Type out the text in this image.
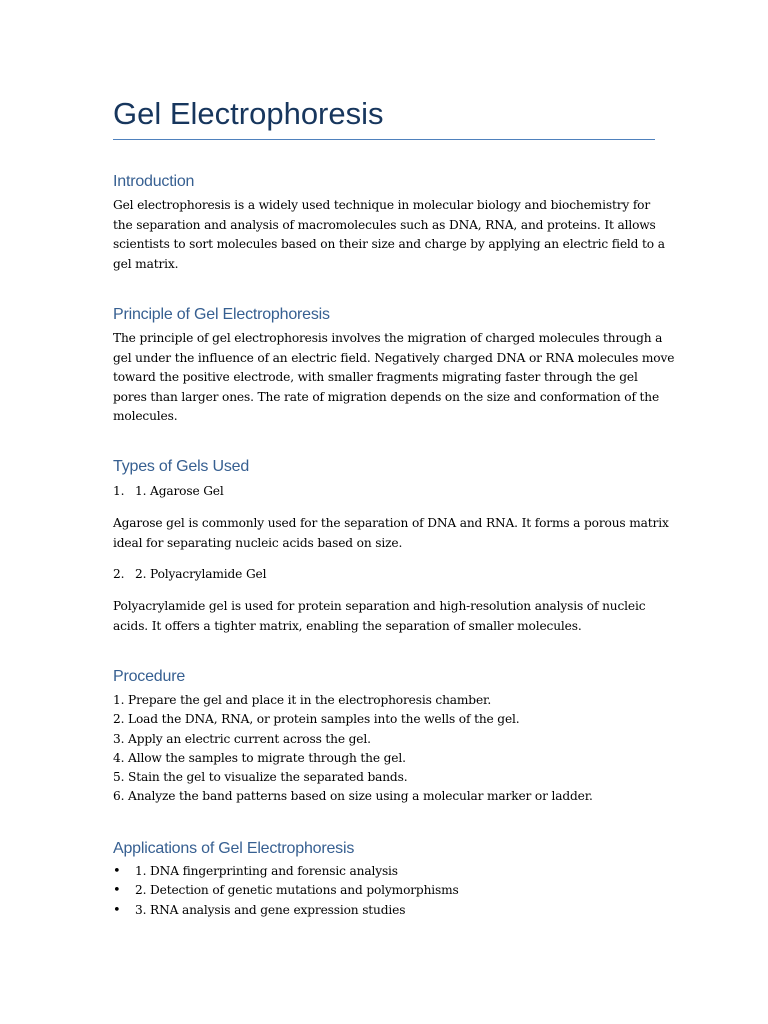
Gel Electrophoresis
Introduction
Gel electrophoresis is a widely used technique in molecular biology and biochemistry for
the separation and analysis of macromolecules such as DNA, RNA, and proteins. It allows
scientists to sort molecules based on their size and charge by applying an electric field to a
gel matrix.
Principle of Gel Electrophoresis
The principle of gel electrophoresis involves the migration of charged molecules through a
gel under the influence of an electric field. Negatively charged DNA or RNA molecules move
toward the positive electrode, with smaller fragments migrating faster through the gel
pores than larger ones. The rate of migration depends on the size and conformation of the
molecules.
Types of Gels Used
1. 1. Agarose Gel
Agarose gel is commonly used for the separation of DNA and RNA. It forms a porous matrix
ideal for separating nucleic acids based on size.
2. 2. Polyacrylamide Gel
Polyacrylamide gel is used for protein separation and high-resolution analysis of nucleic
acids. It offers a tighter matrix, enabling the separation of smaller molecules.
Procedure
1. Prepare the gel and place it in the electrophoresis chamber.
2. Load the DNA, RNA, or protein samples into the wells of the gel.
3. Apply an electric current across the gel.
4. Allow the samples to migrate through the gel.
5. Stain the gel to visualize the separated bands.
6. Analyze the band patterns based on size using a molecular marker or ladder.
Applications of Gel Electrophoresis
• 1. DNA fingerprinting and forensic analysis
• 2. Detection of genetic mutations and polymorphisms
• 3. RNA analysis and gene expression studies
